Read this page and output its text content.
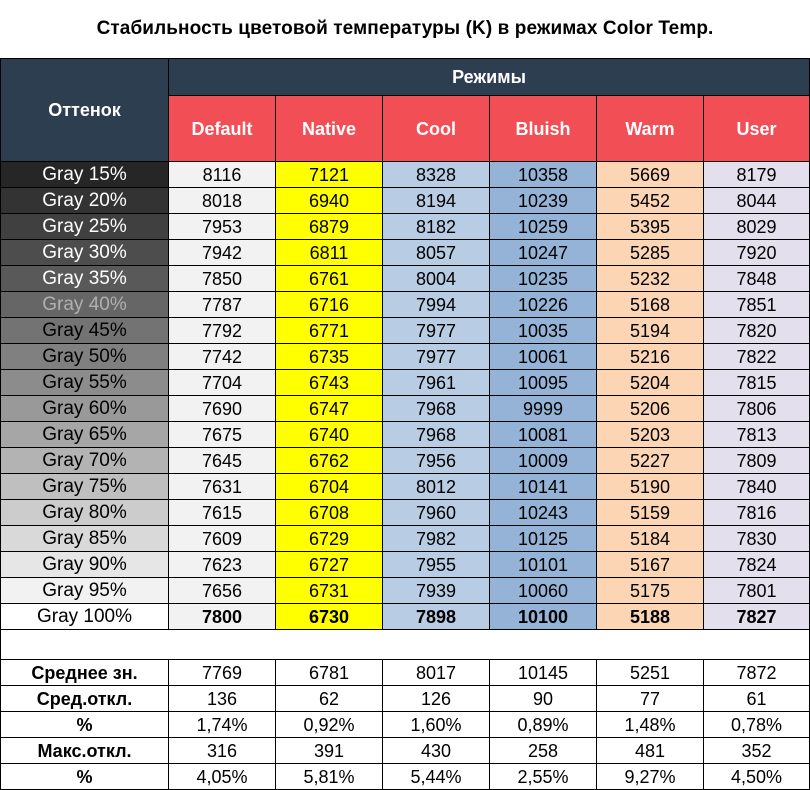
Стабильность цветовой температуры (K) в режимах Color Temp.
Оттенок	Режимы					
	Default	Native	Cool	Bluish	Warm	User
Gray 15%	8116	7121	8328	10358	5669	8179
Gray 20%	8018	6940	8194	10239	5452	8044
Gray 25%	7953	6879	8182	10259	5395	8029
Gray 30%	7942	6811	8057	10247	5285	7920
Gray 35%	7850	6761	8004	10235	5232	7848
Gray 40%	7787	6716	7994	10226	5168	7851
Gray 45%	7792	6771	7977	10035	5194	7820
Gray 50%	7742	6735	7977	10061	5216	7822
Gray 55%	7704	6743	7961	10095	5204	7815
Gray 60%	7690	6747	7968	9999	5206	7806
Gray 65%	7675	6740	7968	10081	5203	7813
Gray 70%	7645	6762	7956	10009	5227	7809
Gray 75%	7631	6704	8012	10141	5190	7840
Gray 80%	7615	6708	7960	10243	5159	7816
Gray 85%	7609	6729	7982	10125	5184	7830
Gray 90%	7623	6727	7955	10101	5167	7824
Gray 95%	7656	6731	7939	10060	5175	7801
Gray 100%	7800	6730	7898	10100	5188	7827

Среднее зн.	7769	6781	8017	10145	5251	7872
Сред.откл.	136	62	126	90	77	61
%	1,74%	0,92%	1,60%	0,89%	1,48%	0,78%
Макс.откл.	316	391	430	258	481	352
%	4,05%	5,81%	5,44%	2,55%	9,27%	4,50%
